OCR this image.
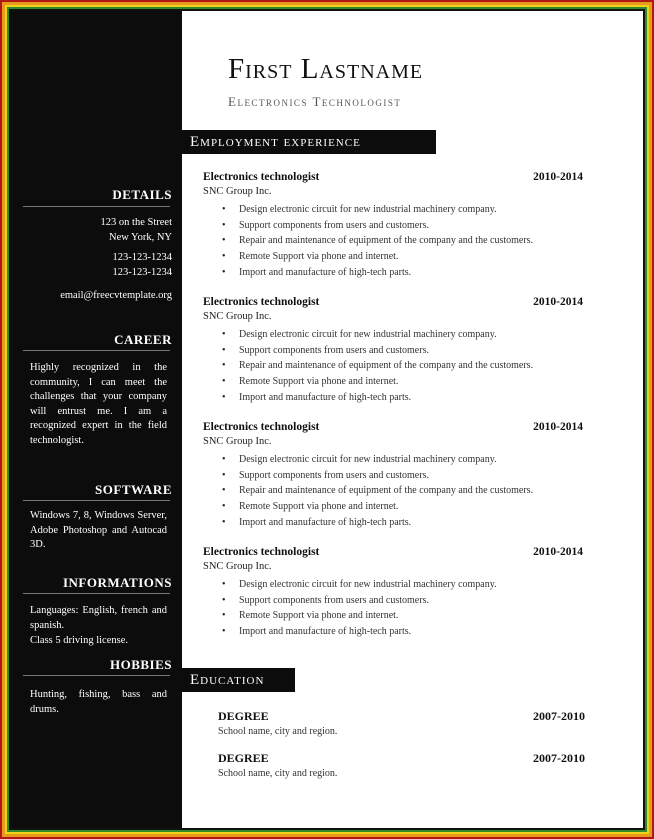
DETAILS
123 on the Street
New York, NY
123-123-1234
123-123-1234
email@freecvtemplate.org
CAREER
Highly recognized in the community, I can meet the challenges that your company will entrust me. I am a recognized expert in the field technologist.
SOFTWARE
Windows 7, 8, Windows Server, Adobe Photoshop and Autocad 3D.
INFORMATIONS
Languages: English, french and spanish.
Class 5 driving license.
HOBBIES
Hunting, fishing, bass and drums.
First Lastname
Electronics Technologist
Employment experience
Electronics technologist	2010-2014
SNC Group Inc.
• Design electronic circuit for new industrial machinery company.
• Support components from users and customers.
• Repair and maintenance of equipment of the company and the customers.
• Remote Support via phone and internet.
• Import and manufacture of high-tech parts.
Electronics technologist	2010-2014
SNC Group Inc.
• Design electronic circuit for new industrial machinery company.
• Support components from users and customers.
• Repair and maintenance of equipment of the company and the customers.
• Remote Support via phone and internet.
• Import and manufacture of high-tech parts.
Electronics technologist	2010-2014
SNC Group Inc.
• Design electronic circuit for new industrial machinery company.
• Support components from users and customers.
• Repair and maintenance of equipment of the company and the customers.
• Remote Support via phone and internet.
• Import and manufacture of high-tech parts.
Electronics technologist	2010-2014
SNC Group Inc.
• Design electronic circuit for new industrial machinery company.
• Support components from users and customers.
• Remote Support via phone and internet.
• Import and manufacture of high-tech parts.
Education
DEGREE	2007-2010
School name, city and region.
DEGREE	2007-2010
School name, city and region.
